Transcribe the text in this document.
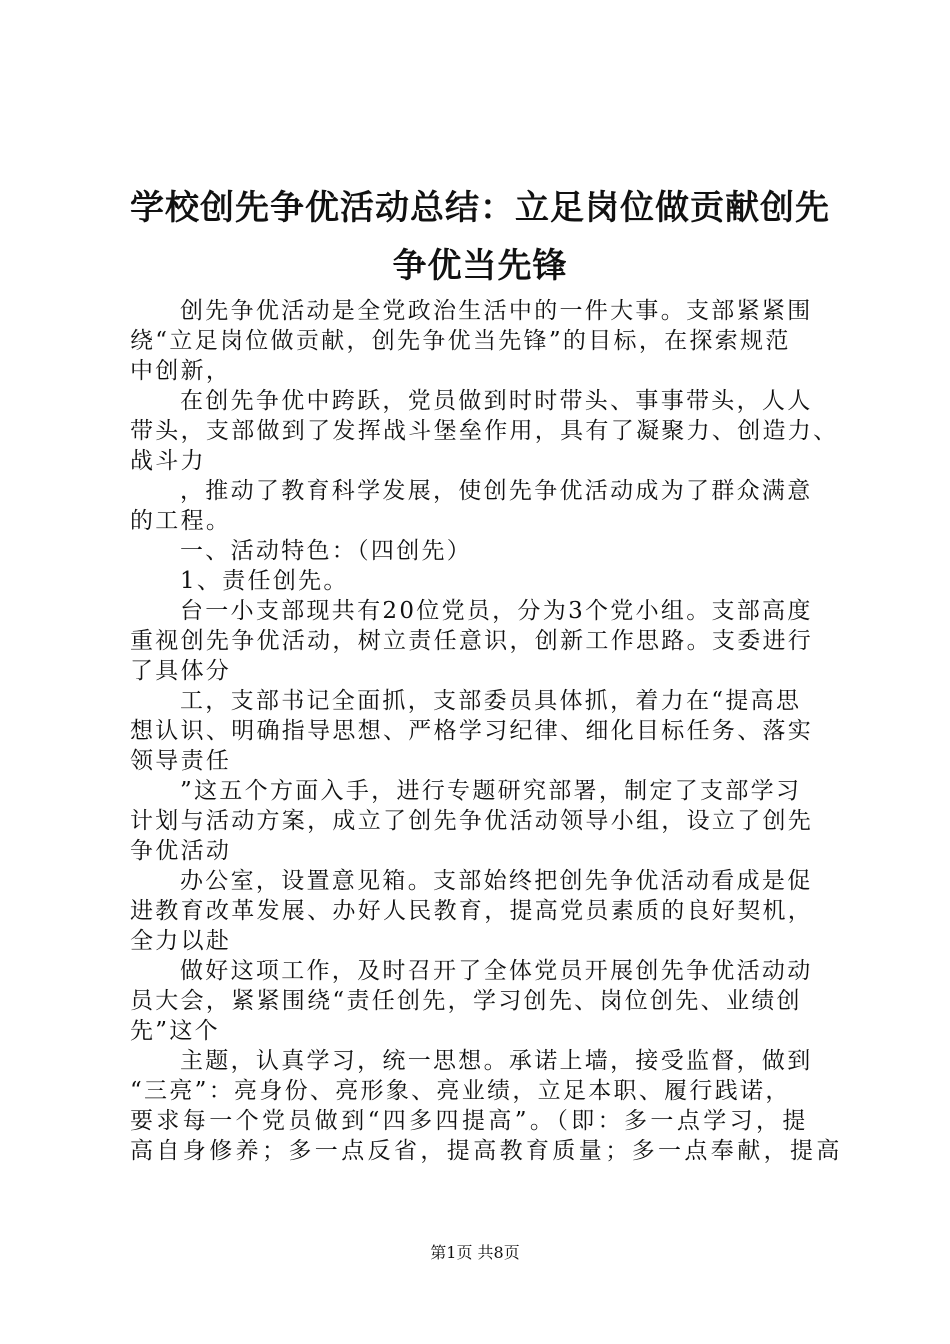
学校创先争优活动总结：立足岗位做贡献创先
争优当先锋
创先争优活动是全党政治生活中的一件大事。支部紧紧围
绕“立足岗位做贡献，创先争优当先锋”的目标，在探索规范
中创新，
在创先争优中跨跃，党员做到时时带头、事事带头，人人
带头，支部做到了发挥战斗堡垒作用，具有了凝聚力、创造力、
战斗力
，推动了教育科学发展，使创先争优活动成为了群众满意
的工程。
一、活动特色：（四创先）
1、责任创先。
台一小支部现共有20位党员，分为3个党小组。支部高度
重视创先争优活动，树立责任意识，创新工作思路。支委进行
了具体分
工，支部书记全面抓，支部委员具体抓，着力在“提高思
想认识、明确指导思想、严格学习纪律、细化目标任务、落实
领导责任
”这五个方面入手，进行专题研究部署，制定了支部学习
计划与活动方案，成立了创先争优活动领导小组，设立了创先
争优活动
办公室，设置意见箱。支部始终把创先争优活动看成是促
进教育改革发展、办好人民教育，提高党员素质的良好契机，
全力以赴
做好这项工作，及时召开了全体党员开展创先争优活动动
员大会，紧紧围绕“责任创先，学习创先、岗位创先、业绩创
先”这个
主题，认真学习，统一思想。承诺上墙，接受监督，做到
“三亮”：亮身份、亮形象、亮业绩，立足本职、履行践诺，
要求每一个党员做到“四多四提高”。（即：多一点学习，提
高自身修养；多一点反省，提高教育质量；多一点奉献，提高
第1页 共8页
